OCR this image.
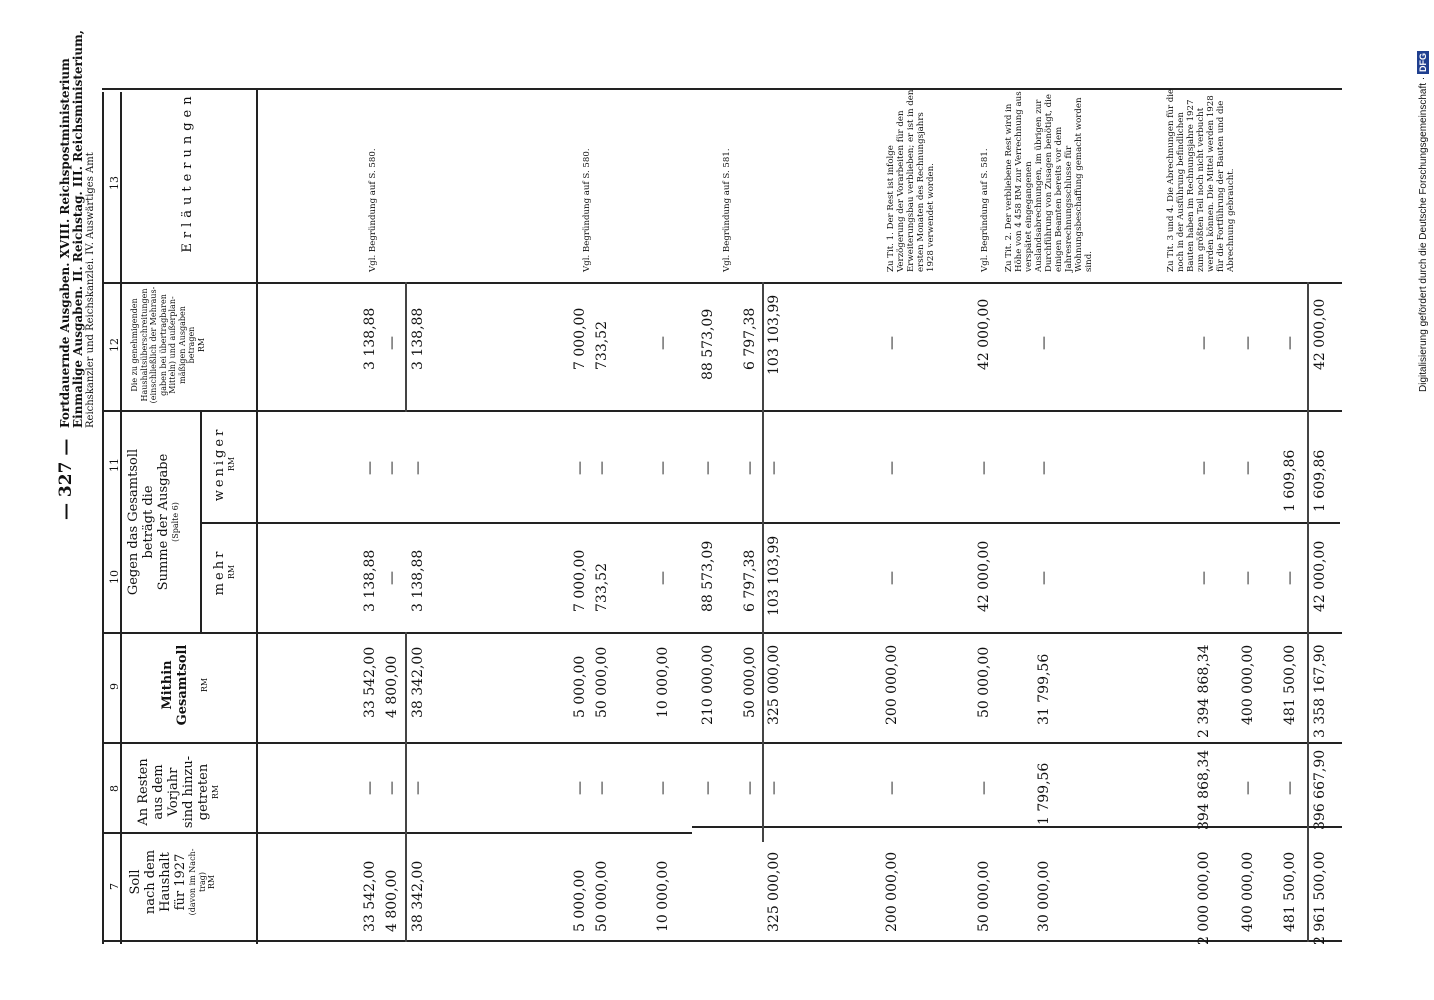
— 327 —
Fortdauernde Ausgaben. XVIII. Reichspostministerium Einmalige Ausgaben. II. Reichstag. III. Reichsministerium, Reichskanzler und Reichskanzlei. IV. Auswärtiges Amt
7
8
9
10
11
12
13
Soll nach dem Haushalt für 1927 (davon im Nach- trag) RM
An Resten aus dem Vorjahr sind hinzu- getreten RM
Mithin Gesamtsoll RM
Gegen das Gesamtsoll beträgt die Summe der Ausgabe (Spalte 6)
mehr RM
weniger RM
Die zu genehmigenden Haushaltsüberschreitungen (einschließlich der Mehraus- gaben bei übertragbaren Mitteln) und außerplan- mäßigen Ausgaben betragen RM
Erläuterungen
33 542,00
—
33 542,00
3 138,88
—
3 138,88
Vgl. Begründung auf S. 580.
4 800,00
—
4 800,00
—
—
—
38 342,00
—
38 342,00
3 138,88
—
3 138,88
5 000,00
—
5 000,00
7 000,00
—
7 000,00
Vgl. Begründung auf S. 580.
50 000,00
—
50 000,00
733,52
—
733,52
10 000,00
—
10 000,00
—
—
—
—
210 000,00
88 573,09
—
88 573,09
Vgl. Begründung auf S. 581.
—
50 000,00
6 797,38
—
6 797,38
325 000,00
—
325 000,00
103 103,99
—
103 103,99
200 000,00
—
200 000,00
—
—
—
Zu Tit. 1. Der Rest ist infolge Verzögerung der Vorarbeiten für den Erweiterungsbau verblieben; er ist in den ersten Monaten des Rechnungsjahrs 1928 verwendet worden.
50 000,00
—
50 000,00
42 000,00
—
42 000,00
Vgl. Begründung auf S. 581.
30 000,00
1 799,56
31 799,56
—
—
—
Zu Tit. 2. Der verbliebene Rest wird in Höhe von 4 458 RM zur Verrechnung aus verspätet eingegangenen Auslandsabrechnungen, im übrigen zur Durchführung von Zusagen benötigt, die einigen Beamten bereits vor dem Jahresrechnungsschlusse für Wohnungsbeschaffung gemacht worden sind.
2 000 000,00
394 868,34
2 394 868,34
—
—
—
Zu Tit. 3 und 4. Die Abrechnungen für die noch in der Ausführung befindlichen Bauten haben im Rechnungsjahre 1927 zum größten Teil noch nicht verbucht werden können. Die Mittel werden 1928 für die Fortführung der Bauten und die Abrechnung gebraucht.
400 000,00
—
400 000,00
—
—
—
481 500,00
—
481 500,00
—
1 609,86
—
2 961 500,00
396 667,90
3 358 167,90
42 000,00
1 609,86
42 000,00	Digitalisierung gefördert durch die Deutsche Forschungsgemeinschaft · DFG
